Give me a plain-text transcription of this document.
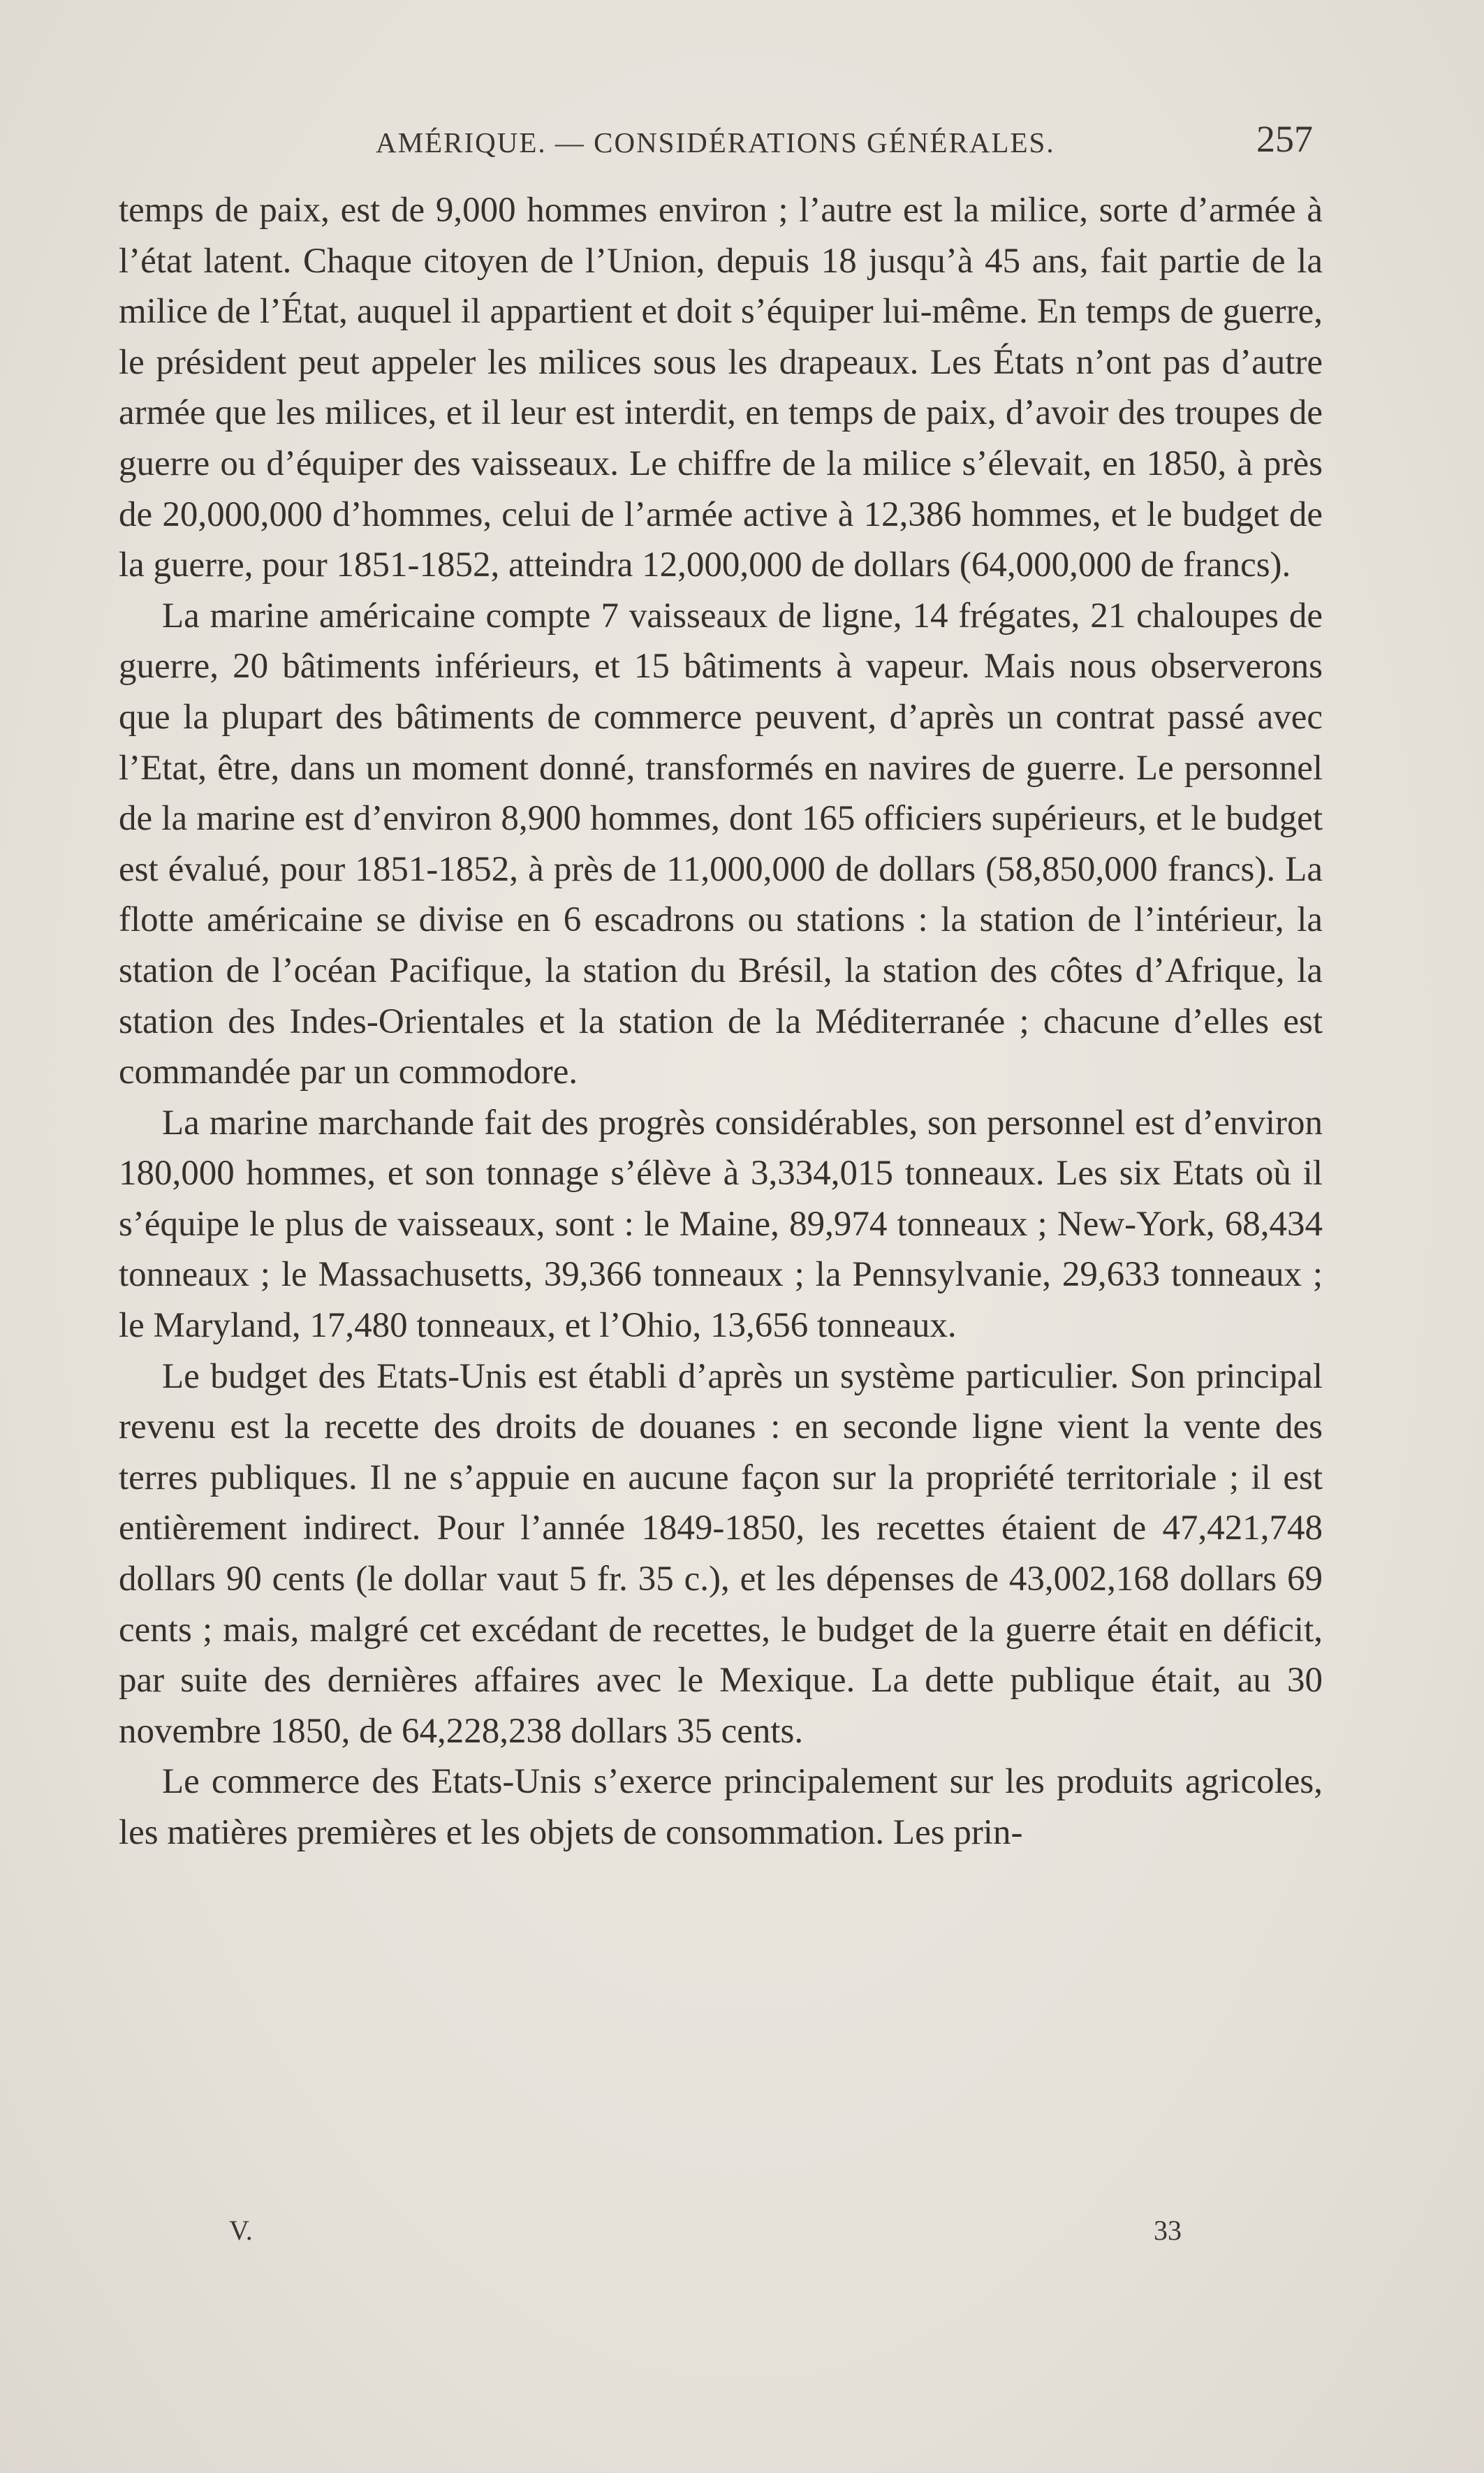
AMÉRIQUE. — CONSIDÉRATIONS GÉNÉRALES.	257

temps de paix, est de 9,000 hommes environ ; l’autre est la milice, sorte d’armée à l’état latent. Chaque citoyen de l’Union, depuis 18 jusqu’à 45 ans, fait partie de la milice de l’État, auquel il appartient et doit s’équiper lui-même. En temps de guerre, le président peut appeler les milices sous les drapeaux. Les États n’ont pas d’autre armée que les milices, et il leur est interdit, en temps de paix, d’avoir des troupes de guerre ou d’équiper des vaisseaux. Le chiffre de la milice s’élevait, en 1850, à près de 20,000,000 d’hommes, celui de l’armée active à 12,386 hommes, et le budget de la guerre, pour 1851-1852, atteindra 12,000,000 de dollars (64,000,000 de francs).

La marine américaine compte 7 vaisseaux de ligne, 14 frégates, 21 chaloupes de guerre, 20 bâtiments inférieurs, et 15 bâtiments à vapeur. Mais nous observerons que la plupart des bâtiments de commerce peuvent, d’après un contrat passé avec l’Etat, être, dans un moment donné, transformés en navires de guerre. Le personnel de la marine est d’environ 8,900 hommes, dont 165 officiers supérieurs, et le budget est évalué, pour 1851-1852, à près de 11,000,000 de dollars (58,850,000 francs). La flotte américaine se divise en 6 escadrons ou stations : la station de l’intérieur, la station de l’océan Pacifique, la station du Brésil, la station des côtes d’Afrique, la station des Indes-Orientales et la station de la Méditerranée ; chacune d’elles est commandée par un commodore.

La marine marchande fait des progrès considérables, son personnel est d’environ 180,000 hommes, et son tonnage s’élève à 3,334,015 tonneaux. Les six Etats où il s’équipe le plus de vaisseaux, sont : le Maine, 89,974 tonneaux ; New-York, 68,434 tonneaux ; le Massachusetts, 39,366 tonneaux ; la Pennsylvanie, 29,633 tonneaux ; le Maryland, 17,480 tonneaux, et l’Ohio, 13,656 tonneaux.

Le budget des Etats-Unis est établi d’après un système particulier. Son principal revenu est la recette des droits de douanes : en seconde ligne vient la vente des terres publiques. Il ne s’appuie en aucune façon sur la propriété territoriale ; il est entièrement indirect. Pour l’année 1849-1850, les recettes étaient de 47,421,748 dollars 90 cents (le dollar vaut 5 fr. 35 c.), et les dépenses de 43,002,168 dollars 69 cents ; mais, malgré cet excédant de recettes, le budget de la guerre était en déficit, par suite des dernières affaires avec le Mexique. La dette publique était, au 30 novembre 1850, de 64,228,238 dollars 35 cents.

Le commerce des Etats-Unis s’exerce principalement sur les produits agricoles, les matières premières et les objets de consommation. Les prin-

V.	33
